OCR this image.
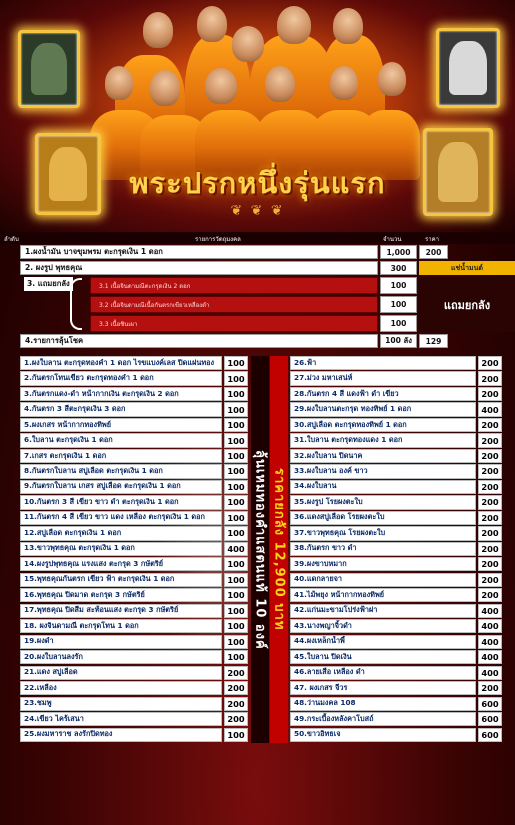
พระปรกหนึ่งรุ่นแรก
❦ ❦ ❦
ลำดับ	รายการวัตถุมงคล	จำนวน	ราคา
1.ผงน้ำมัน บาจขุมพรม ตะกรุดเงิน 1 ดอก	1,000	200
2. ผงรูป พุทธคุณ	300	แช่น้ำมนต์
3. แถมยกลัง	3.1 เนื้อจินดามณีตะกรุดเงิน 2 ดอก	100
3.2 เนื้อจินดามณีเนื้อกันตรกเขียวเหลืองดำ	100
3.3 เนื้อชินเผา	100
แถมยกลัง
4.รายการลุ้นโชค	100 ลัง	129
1.ผงใบลาน ตะกรุดทองคำ 1 ดอก ไรขแบงค์เลส ปิดแผ่นทอง	100
2.กันตรกโทนเขียว ตะกรุดทองคำ 1 ดอก	100
3.กันตรกแดง-ดำ หน้ากากเงิน ตะกรุดเงิน 2 ดอก	100
4.กันตรก 3 สีตะกรุดเงิน 3 ดอก	100
5.ผงเกสร หน้ากากทองทิพย์	100
6.ใบลาน ตะกรุดเงิน 1 ดอก	100
7.เกสร ตะกรุดเงิน 1 ดอก	100
8.กันตรกใบลาน สบู่เลือด ตะกรุดเงิน 1 ดอก	100
9.กันตรกใบลาน เกสร สบู่เลือด ตะกรุดเงิน 1 ดอก	100
10.กันตรก 3 สี เขียว ขาว ดำ ตะกรุดเงิน 1 ดอก	100
11.กันตรก 4 สี เขียว ขาว แดง เหลือง ตะกรุดเงิน 1 ดอก	100
12.สบู่เลือด ตะกรุดเงิน 1 ดอก	100
13.ขาวพุทธคุณ ตะกรุดเงิน 1 ดอก	400
14.ผงรูปพุทธคุณ แรงแสง ตะกรุด 3 กษัตริย์	100
15.พุทธคุณกันตรก เขียว ฟ้า ตะกรุดเงิน 1 ดอก	100
16.พุทธคุณ ปิดมาด ตะกรุด 3 กษัตริย์	100
17.พุทธคุณ ปิดสีม สะท้อนแสง ตะกรุด 3 กษัตริย์	100
18. ผงจินดามณี ตะกรุดโทน 1 ดอก	100
19.ผงดำ	100
20.ผงใบลานลงรัก	100
21.แดง สบู่เลือด	200
22.เหลือง	200
23.ชมพู	200
24.เขียว ไคร้เสนา	200
25.ผงมหาราช ลงรักปิดทอง	100
26.ฟ้า	200
27.ม่วง มหาเสน่ห์	200
28.กันตรก 4 สี แดงฟ้า ดำ เขียว	200
29.ผงใบลานตะกรุด ทองทิพย์ 1 ดอก	400
30.สบู่เลือด ตะกรุดทองทิพย์ 1 ดอก	200
31.ใบลาน ตะกรุดทองแดง 1 ดอก	200
32.ผงใบลาน ปิดนาค	200
33.ผงใบลาน องค์ ขาว	200
34.ผงใบลาน	200
35.ผงรูป โรยผงตะใบ	200
36.แดงสบู่เลือด โรยผงตะใบ	200
37.ขาวพุทธคุณ โรยผงตะใบ	200
38.กันตรก ขาว ดำ	200
39.ผงขาบหมาก	200
40.แดกลายจา	200
41.ไม้พยุง หน้ากากทองทิพย์	200
42.แก่นมะขามโปร่งฟ้าผ่า	400
43.นางพญาจิ้วดำ	400
44.ผงเหล็กน้ำพี้	400
45.ใบลาน ปิดเงิน	400
46.ลายเสือ เหลือง ดำ	400
47. ผงเกสร จีวร	200
48.ว่านมงคล 108	600
49.กระเบื้องหลังคาโบสถ์	600
50.ขาวอิทธเจ	600
ลุ้นเหมทองคำแสตนแท้ 10 องค์ ราคายกลัง 12,900 บาท
